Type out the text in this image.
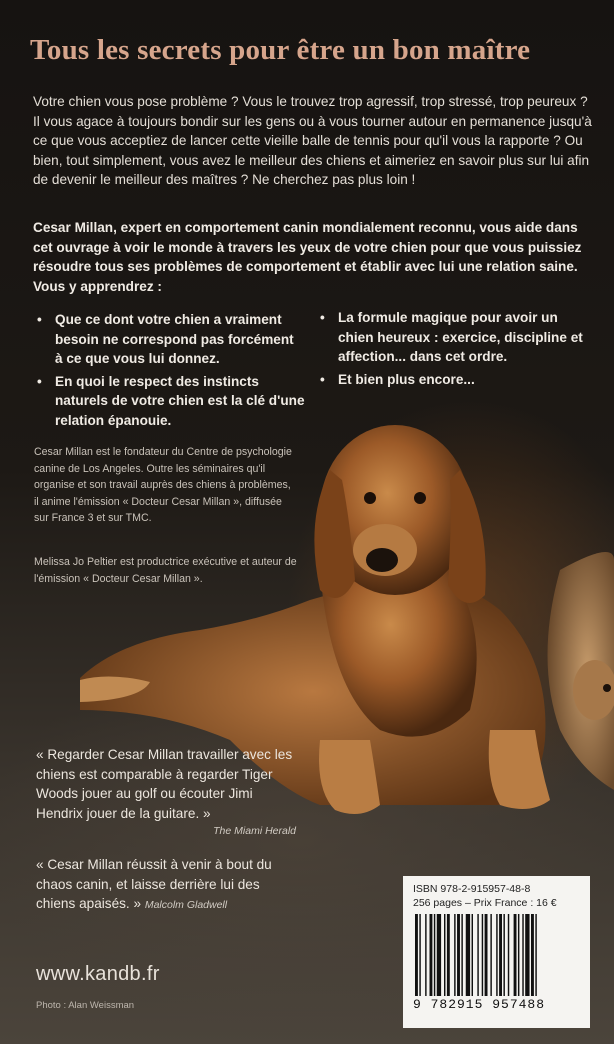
Tous les secrets pour être un bon maître

Votre chien vous pose problème ? Vous le trouvez trop agressif, trop stressé, trop peureux ? Il vous agace à toujours bondir sur les gens ou à vous tourner autour en permanence jusqu'à ce que vous acceptiez de lancer cette vieille balle de tennis pour qu'il vous la rapporte ? Ou bien, tout simplement, vous avez le meilleur des chiens et aimeriez en savoir plus sur lui afin de devenir le meilleur des maîtres ? Ne cherchez pas plus loin !

Cesar Millan, expert en comportement canin mondialement reconnu, vous aide dans cet ouvrage à voir le monde à travers les yeux de votre chien pour que vous puissiez résoudre tous ses problèmes de comportement et établir avec lui une relation saine. Vous y apprendrez :

• Que ce dont votre chien a vraiment besoin ne correspond pas forcément à ce que vous lui donnez.
• En quoi le respect des instincts naturels de votre chien est la clé d'une relation épanouie.
• La formule magique pour avoir un chien heureux : exercice, discipline et affection... dans cet ordre.
• Et bien plus encore...

Cesar Millan est le fondateur du Centre de psychologie canine de Los Angeles. Outre les séminaires qu'il organise et son travail auprès des chiens à problèmes, il anime l'émission « Docteur Cesar Millan », diffusée sur France 3 et sur TMC.

Melissa Jo Peltier est productrice exécutive et auteur de l'émission « Docteur Cesar Millan ».

« Regarder Cesar Millan travailler avec les chiens est comparable à regarder Tiger Woods jouer au golf ou écouter Jimi Hendrix jouer de la guitare. »
The Miami Herald
« Cesar Millan réussit à venir à bout du chaos canin, et laisse derrière lui des chiens apaisés. » Malcolm Gladwell
www.kandb.fr
Photo : Alan Weissman
ISBN 978-2-915957-48-8
256 pages – Prix France : 16 €
9 782915 957488
